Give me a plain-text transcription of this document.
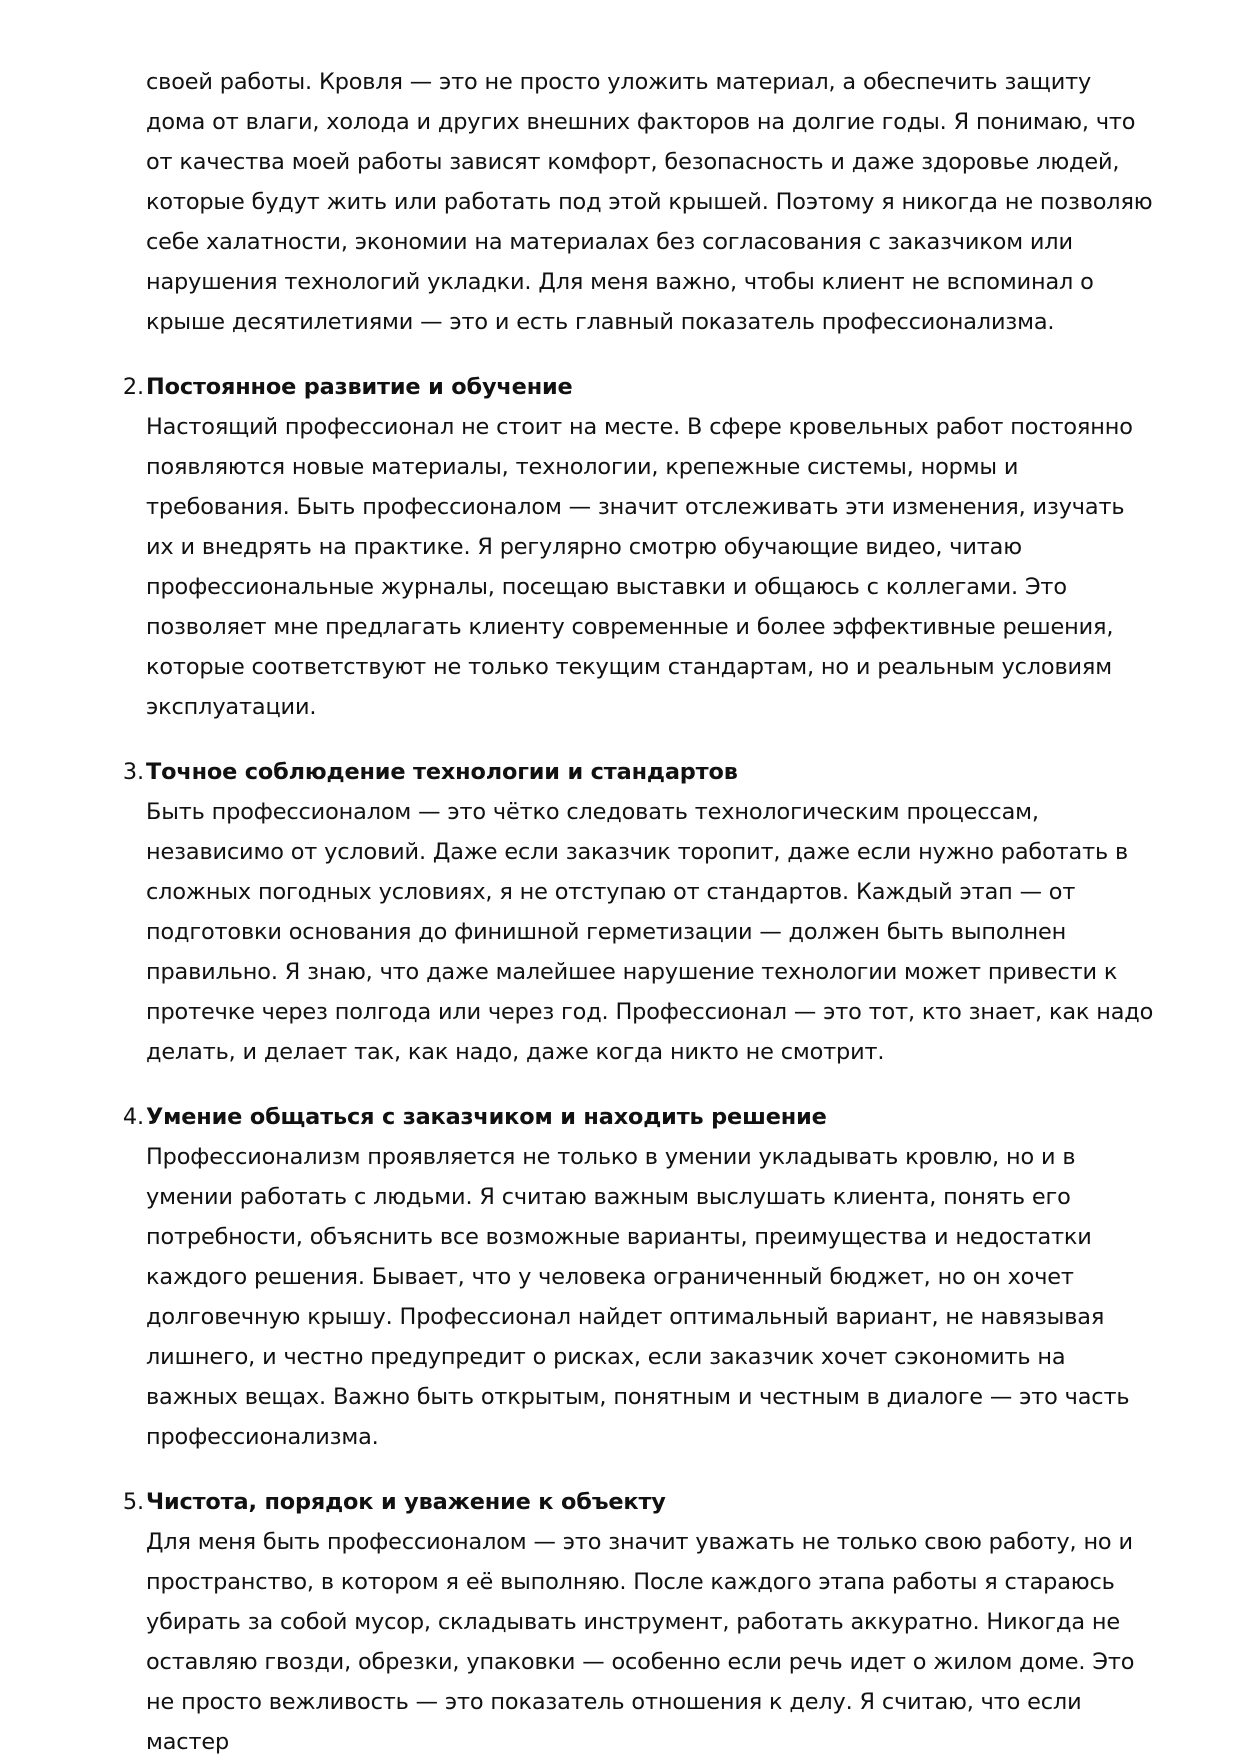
своей работы. Кровля — это не просто уложить материал, а обеспечить защиту дома от влаги, холода и других внешних факторов на долгие годы. Я понимаю, что от качества моей работы зависят комфорт, безопасность и даже здоровье людей, которые будут жить или работать под этой крышей. Поэтому я никогда не позволяю себе халатности, экономии на материалах без согласования с заказчиком или нарушения технологий укладки. Для меня важно, чтобы клиент не вспоминал о крыше десятилетиями — это и есть главный показатель профессионализма.

2. Постоянное развитие и обучение
Настоящий профессионал не стоит на месте. В сфере кровельных работ постоянно появляются новые материалы, технологии, крепежные системы, нормы и требования. Быть профессионалом — значит отслеживать эти изменения, изучать их и внедрять на практике. Я регулярно смотрю обучающие видео, читаю профессиональные журналы, посещаю выставки и общаюсь с коллегами. Это позволяет мне предлагать клиенту современные и более эффективные решения, которые соответствуют не только текущим стандартам, но и реальным условиям эксплуатации.
3. Точное соблюдение технологии и стандартов
Быть профессионалом — это чётко следовать технологическим процессам, независимо от условий. Даже если заказчик торопит, даже если нужно работать в сложных погодных условиях, я не отступаю от стандартов. Каждый этап — от подготовки основания до финишной герметизации — должен быть выполнен правильно. Я знаю, что даже малейшее нарушение технологии может привести к протечке через полгода или через год. Профессионал — это тот, кто знает, как надо делать, и делает так, как надо, даже когда никто не смотрит.
4. Умение общаться с заказчиком и находить решение
Профессионализм проявляется не только в умении укладывать кровлю, но и в умении работать с людьми. Я считаю важным выслушать клиента, понять его потребности, объяснить все возможные варианты, преимущества и недостатки каждого решения. Бывает, что у человека ограниченный бюджет, но он хочет долговечную крышу. Профессионал найдет оптимальный вариант, не навязывая лишнего, и честно предупредит о рисках, если заказчик хочет сэкономить на важных вещах. Важно быть открытым, понятным и честным в диалоге — это часть профессионализма.
5. Чистота, порядок и уважение к объекту
Для меня быть профессионалом — это значит уважать не только свою работу, но и пространство, в котором я её выполняю. После каждого этапа работы я стараюсь убирать за собой мусор, складывать инструмент, работать аккуратно. Никогда не оставляю гвозди, обрезки, упаковки — особенно если речь идет о жилом доме. Это не просто вежливость — это показатель отношения к делу. Я считаю, что если мастер
